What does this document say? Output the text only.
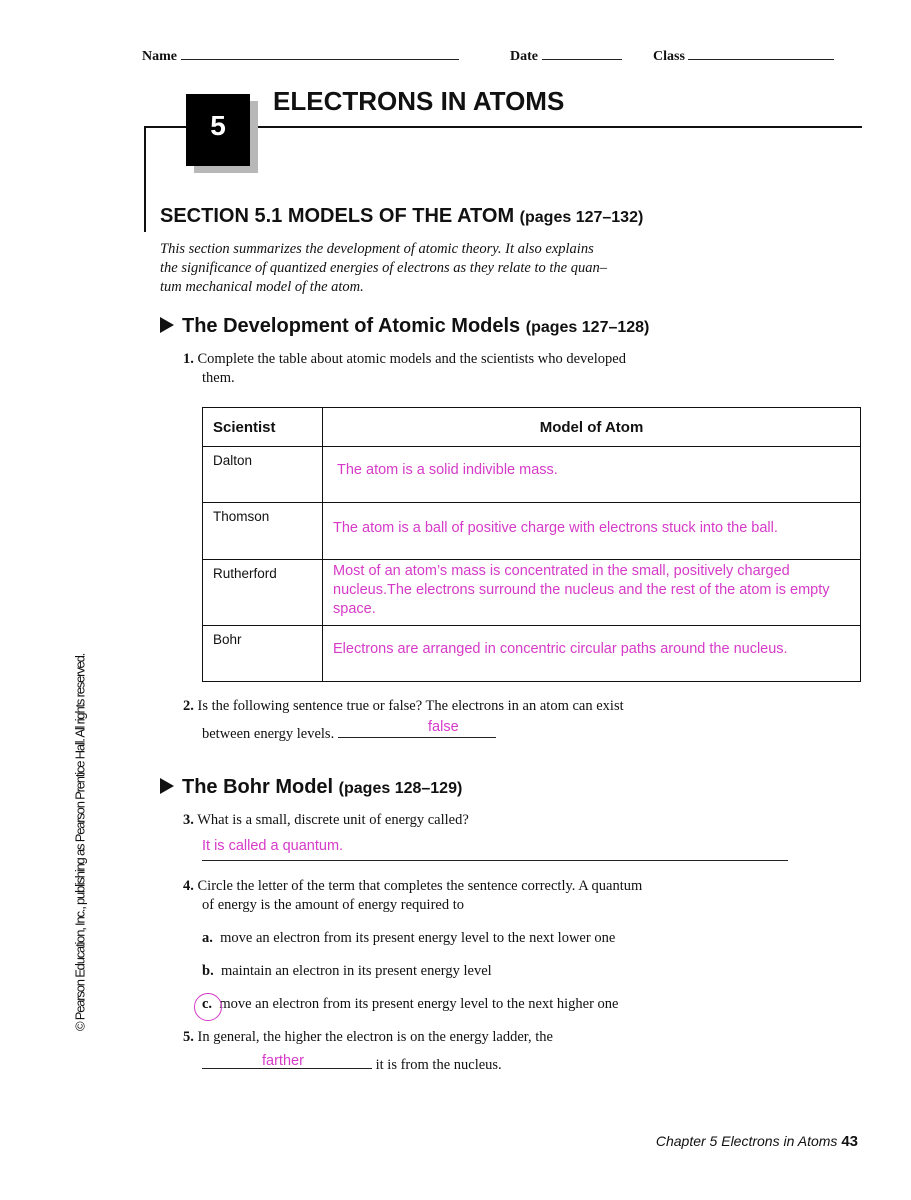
Name	Date	Class
5
ELECTRONS IN ATOMS
SECTION 5.1 MODELS OF THE ATOM (pages 127–132)
This section summarizes the development of atomic theory. It also explains
the significance of quantized energies of electrons as they relate to the quan–
tum mechanical model of the atom.
The Development of Atomic Models (pages 127–128)
1. Complete the table about atomic models and the scientists who developed
them.
Scientist	Model of Atom
Dalton	The atom is a solid indivible mass.

Thomson	The atom is a ball of positive charge with electrons stuck into the ball.

Rutherford	Most of an atom’s mass is concentrated in the small, positively charged nucleus.The electrons surround the nucleus and the rest of the atom is empty space.

Bohr	Electrons are arranged in concentric circular paths around the nucleus.
2. Is the following sentence true or false? The electrons in an atom can exist
between energy levels.	false
The Bohr Model (pages 128–129)
3. What is a small, discrete unit of energy called?
It is called a quantum.
4. Circle the letter of the term that completes the sentence correctly. A quantum
of energy is the amount of energy required to
a. move an electron from its present energy level to the next lower one
b. maintain an electron in its present energy level
c. move an electron from its present energy level to the next higher one
5. In general, the higher the electron is on the energy ladder, the
it is from the nucleus.
farther
© Pearson Education, Inc., publishing as Pearson Prentice Hall. All rights reserved.
Chapter 5 Electrons in Atoms 43
